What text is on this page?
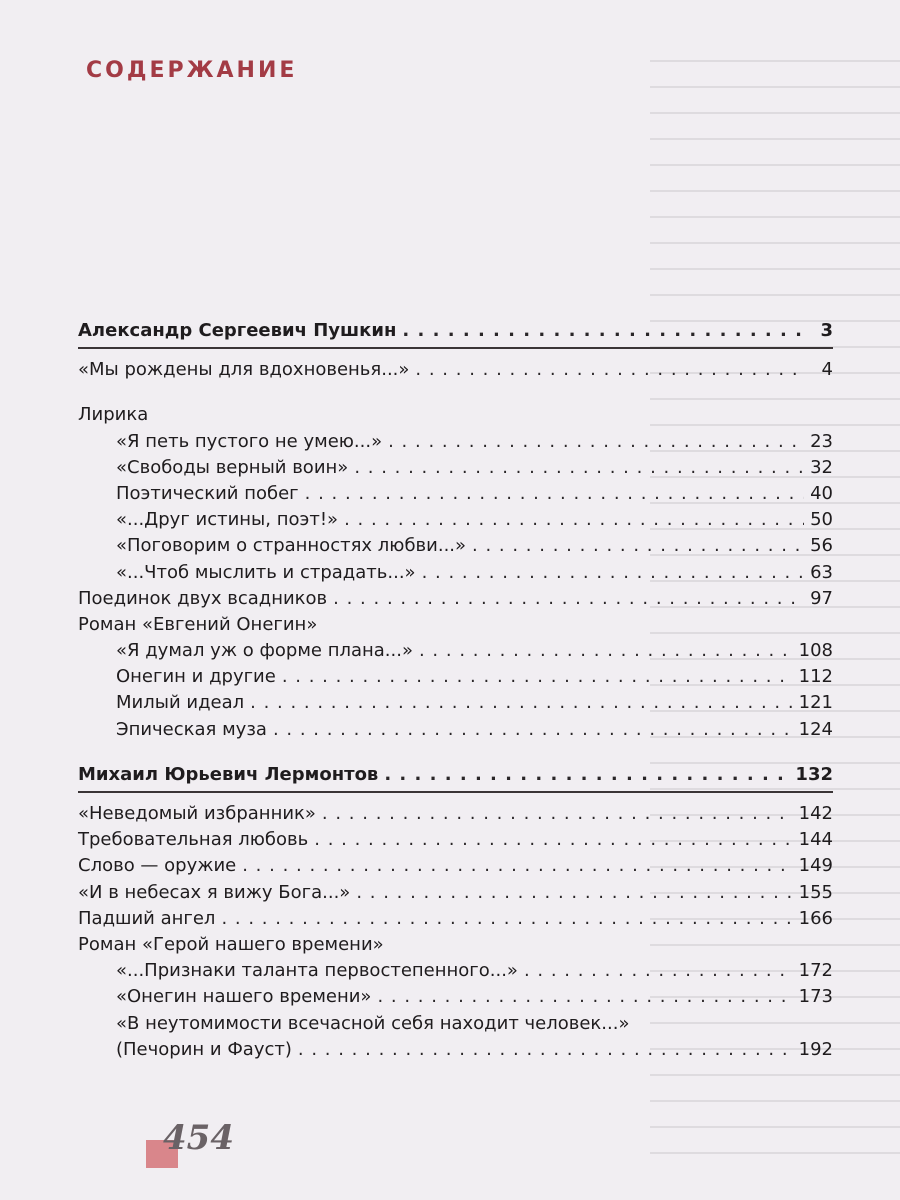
СОДЕРЖАНИЕ
Александр Сергеевич Пушкин . . .	3
«Мы рождены для вдохновенья...» . . .	4
Лирика
«Я петь пустого не умею...» . . .	23
«Свободы верный воин» . . .	32
Поэтический побег . . .	40
«...Друг истины, поэт!» . . .	50
«Поговорим о странностях любви...» . . .	56
«...Чтоб мыслить и страдать...» . . .	63
Поединок двух всадников . . .	97
Роман «Евгений Онегин»
«Я думал уж о форме плана...» . . .	108
Онегин и другие . . .	112
Милый идеал . . .	121
Эпическая муза . . .	124
Михаил Юрьевич Лермонтов . . .	132
«Неведомый избранник» . . .	142
Требовательная любовь . . .	144
Слово — оружие . . .	149
«И в небесах я вижу Бога...» . . .	155
Падший ангел . . .	166
Роман «Герой нашего времени»
«...Признаки таланта первостепенного...» . . .	172
«Онегин нашего времени» . . .	173
«В неутомимости всечасной себя находит человек...»
(Печорин и Фауст) . . .	192
454
